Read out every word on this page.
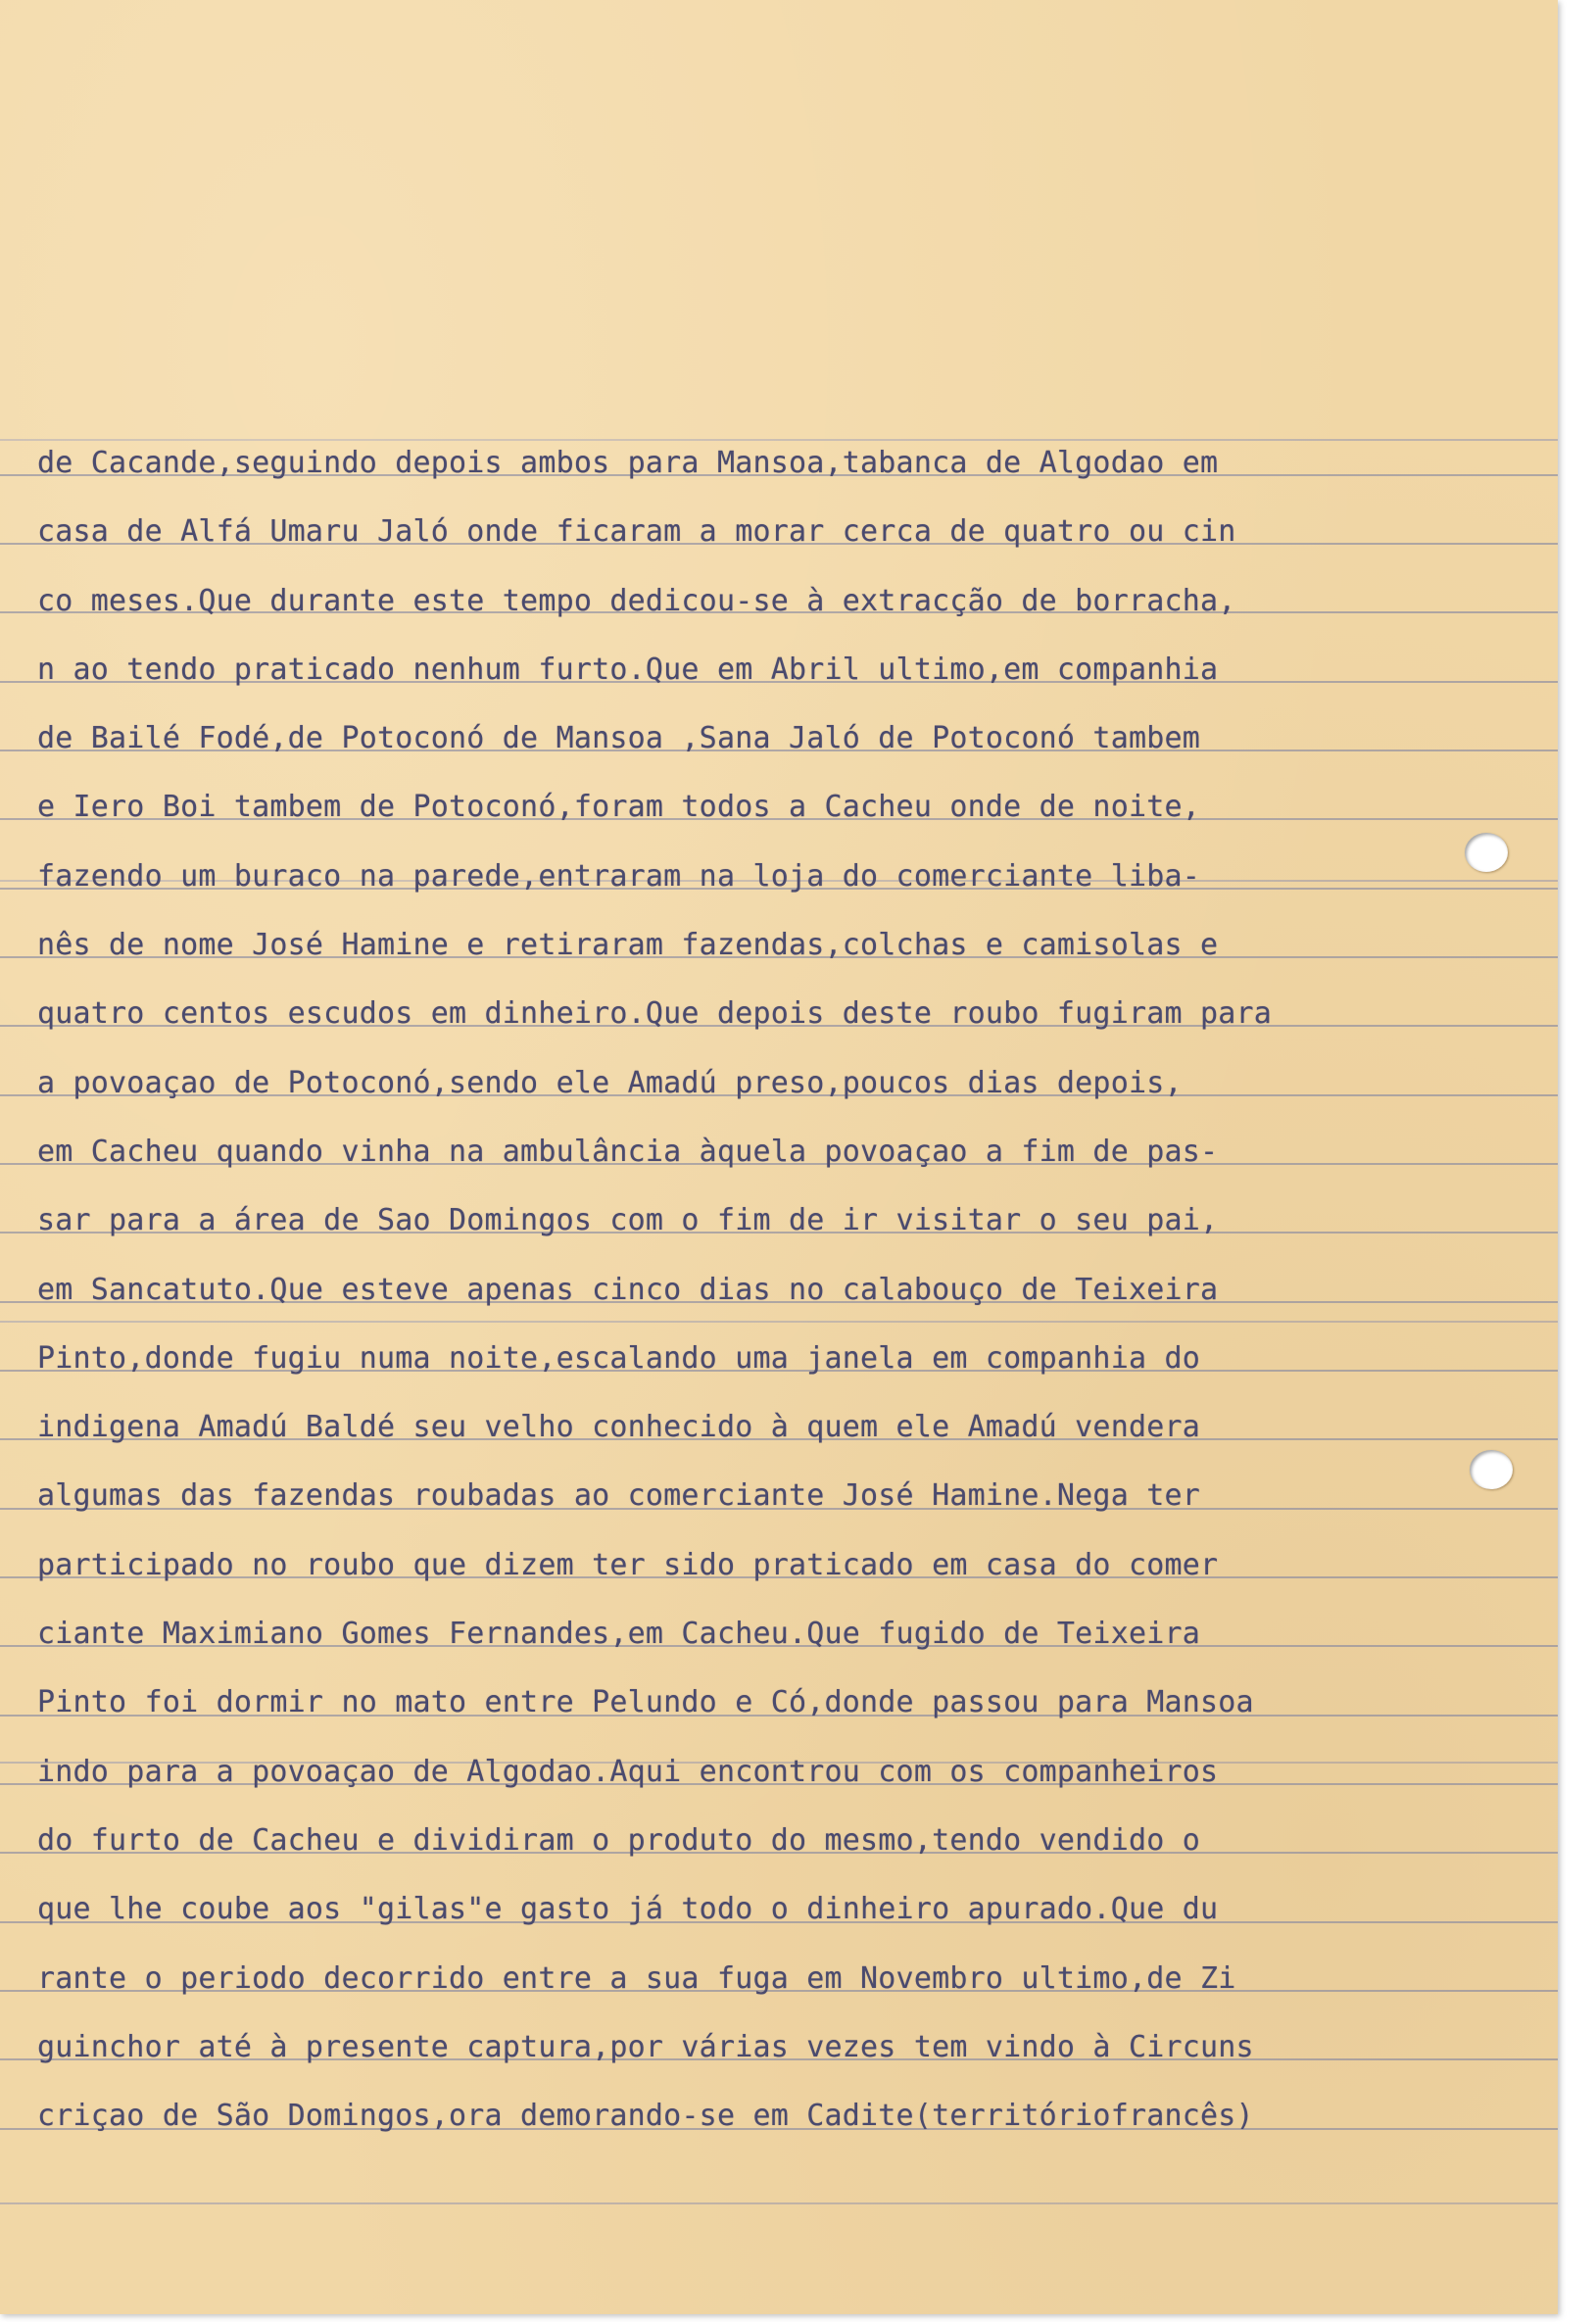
de Cacande,seguindo depois ambos para Mansoa,tabanca de Algodao em
casa de Alfá Umaru Jaló onde ficaram a morar cerca de quatro ou cin
co meses.Que durante este tempo dedicou-se à extracção de borracha,
n ao tendo praticado nenhum furto.Que em Abril ultimo,em companhia
de Bailé Fodé,de Potoconó de Mansoa ,Sana Jaló de Potoconó tambem
e Iero Boi tambem de Potoconó,foram todos a Cacheu onde de noite,
fazendo um buraco na parede,entraram na loja do comerciante liba-
nês de nome José Hamine e retiraram fazendas,colchas e camisolas e
quatro centos escudos em dinheiro.Que depois deste roubo fugiram para
a povoaçao de Potoconó,sendo ele Amadú preso,poucos dias depois,
em Cacheu quando vinha na ambulância àquela povoaçao a fim de pas-
sar para a área de Sao Domingos com o fim de ir visitar o seu pai,
em Sancatuto.Que esteve apenas cinco dias no calabouço de Teixeira
Pinto,donde fugiu numa noite,escalando uma janela em companhia do
indigena Amadú Baldé seu velho conhecido à quem ele Amadú vendera
algumas das fazendas roubadas ao comerciante José Hamine.Nega ter
participado no roubo que dizem ter sido praticado em casa do comer
ciante Maximiano Gomes Fernandes,em Cacheu.Que fugido de Teixeira
Pinto foi dormir no mato entre Pelundo e Có,donde passou para Mansoa
indo para a povoaçao de Algodao.Aqui encontrou com os companheiros
do furto de Cacheu e dividiram o produto do mesmo,tendo vendido o
que lhe coube aos "gilas"e gasto já todo o dinheiro apurado.Que du
rante o periodo decorrido entre a sua fuga em Novembro ultimo,de Zi
guinchor até à presente captura,por várias vezes tem vindo à Circuns
criçao de São Domingos,ora demorando-se em Cadite(territóriofrancês)
